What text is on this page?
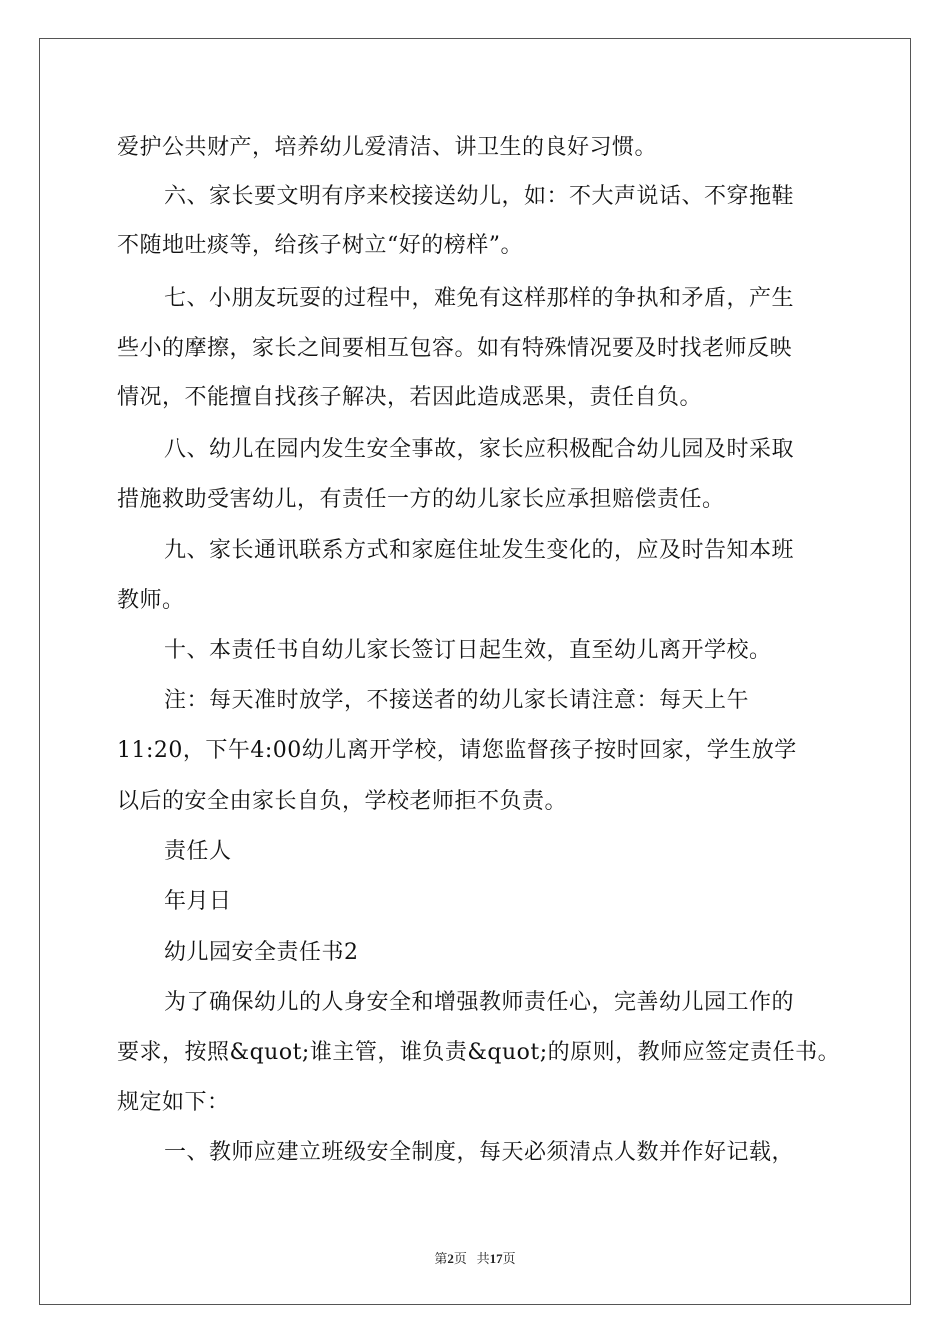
爱护公共财产，培养幼儿爱清洁、讲卫生的良好习惯。
六、家长要文明有序来校接送幼儿，如：不大声说话、不穿拖鞋
不随地吐痰等，给孩子树立“好的榜样”。
七、小朋友玩耍的过程中，难免有这样那样的争执和矛盾，产生
些小的摩擦，家长之间要相互包容。如有特殊情况要及时找老师反映
情况，不能擅自找孩子解决，若因此造成恶果，责任自负。
八、幼儿在园内发生安全事故，家长应积极配合幼儿园及时采取
措施救助受害幼儿，有责任一方的幼儿家长应承担赔偿责任。
九、家长通讯联系方式和家庭住址发生变化的，应及时告知本班
教师。
十、本责任书自幼儿家长签订日起生效，直至幼儿离开学校。
注：每天准时放学，不接送者的幼儿家长请注意：每天上午
11:20，下午4:00幼儿离开学校，请您监督孩子按时回家，学生放学
以后的安全由家长自负，学校老师拒不负责。
责任人
年月日
幼儿园安全责任书2
为了确保幼儿的人身安全和增强教师责任心，完善幼儿园工作的
要求，按照&quot;谁主管，谁负责&quot;的原则，教师应签定责任书。
规定如下：
一、教师应建立班级安全制度，每天必须清点人数并作好记载，
第2页 共17页
